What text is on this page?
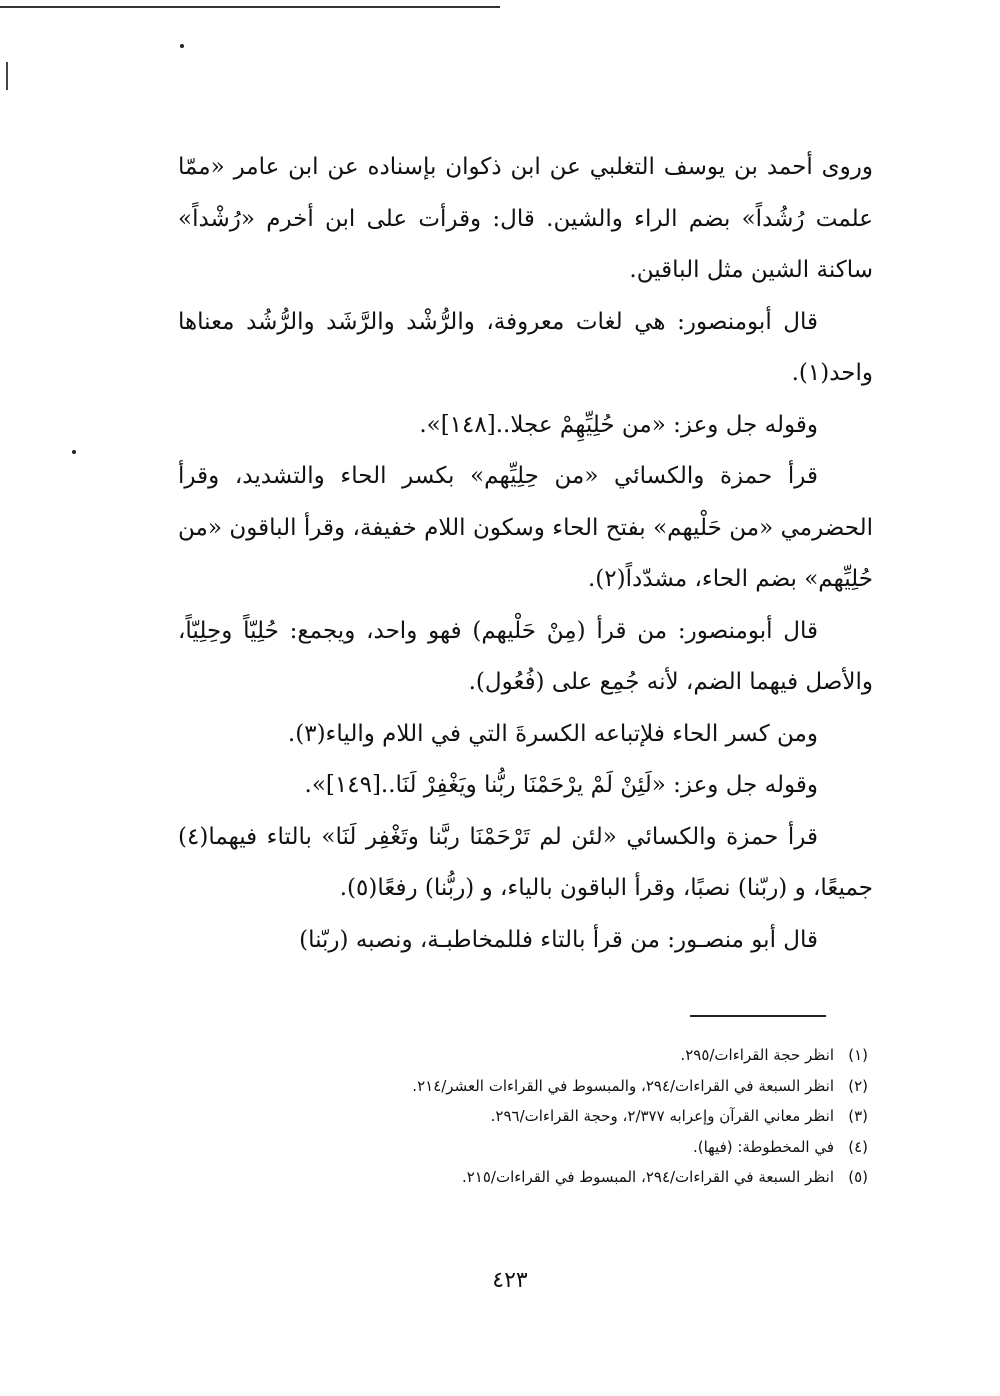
وروى أحمد بن يوسف التغلبي عن ابن ذكوان بإسناده عن ابن عامر «ممّا علمت رُشُداً» بضم الراء والشين. قال: وقرأت على ابن أخرم «رُشْداً» ساكنة الشين مثل الباقين.

قال أبومنصور: هي لغات معروفة، والرُّشْد والرَّشَد والرُّشُد معناها واحد(١).

وقوله جل وعز: «من حُلِيِّهِمْ عجلا..[١٤٨]».

قرأ حمزة والكسائي «من حِلِيِّهم» بكسر الحاء والتشديد، وقرأ الحضرمي «من حَلْيهم» بفتح الحاء وسكون اللام خفيفة، وقرأ الباقون «من حُلِيِّهم» بضم الحاء، مشدّداً(٢).

قال أبومنصور: من قرأ (مِنْ حَلْيهم) فهو واحد، ويجمع: حُلِيّاً وحِلِيّاً، والأصل فيهما الضم، لأنه جُمِع على (فُعُول).

ومن كسر الحاء فلإتباعه الكسرةَ التي في اللام والياء(٣).

وقوله جل وعز: «لَئِنْ لَمْ يرْحَمْنَا ربُّنا ويَغْفِرْ لَنَا..[١٤٩]».

قرأ حمزة والكسائي «لئن لم تَرْحَمْنَا ربَّنا وتَغْفِر لَنَا» بالتاء فيهما(٤) جميعًا، و (ربّنا) نصبًا، وقرأ الباقون بالياء، و (ربُّنا) رفعًا(٥).

قال أبو منصـور: من قرأ بالتاء فللمخاطبـة، ونصبه (ربّنا)

(١)انظر حجة القراءات/٢٩٥.
(٢)انظر السبعة في القراءات/٢٩٤، والمبسوط في القراءات العشر/٢١٤.
(٣)انظر معاني القرآن وإعرابه ٢/٣٧٧، وحجة القراءات/٢٩٦.
(٤)في المخطوطة: (فيها).
(٥)انظر السبعة في القراءات/٢٩٤، المبسوط في القراءات/٢١٥.
٤٢٣
